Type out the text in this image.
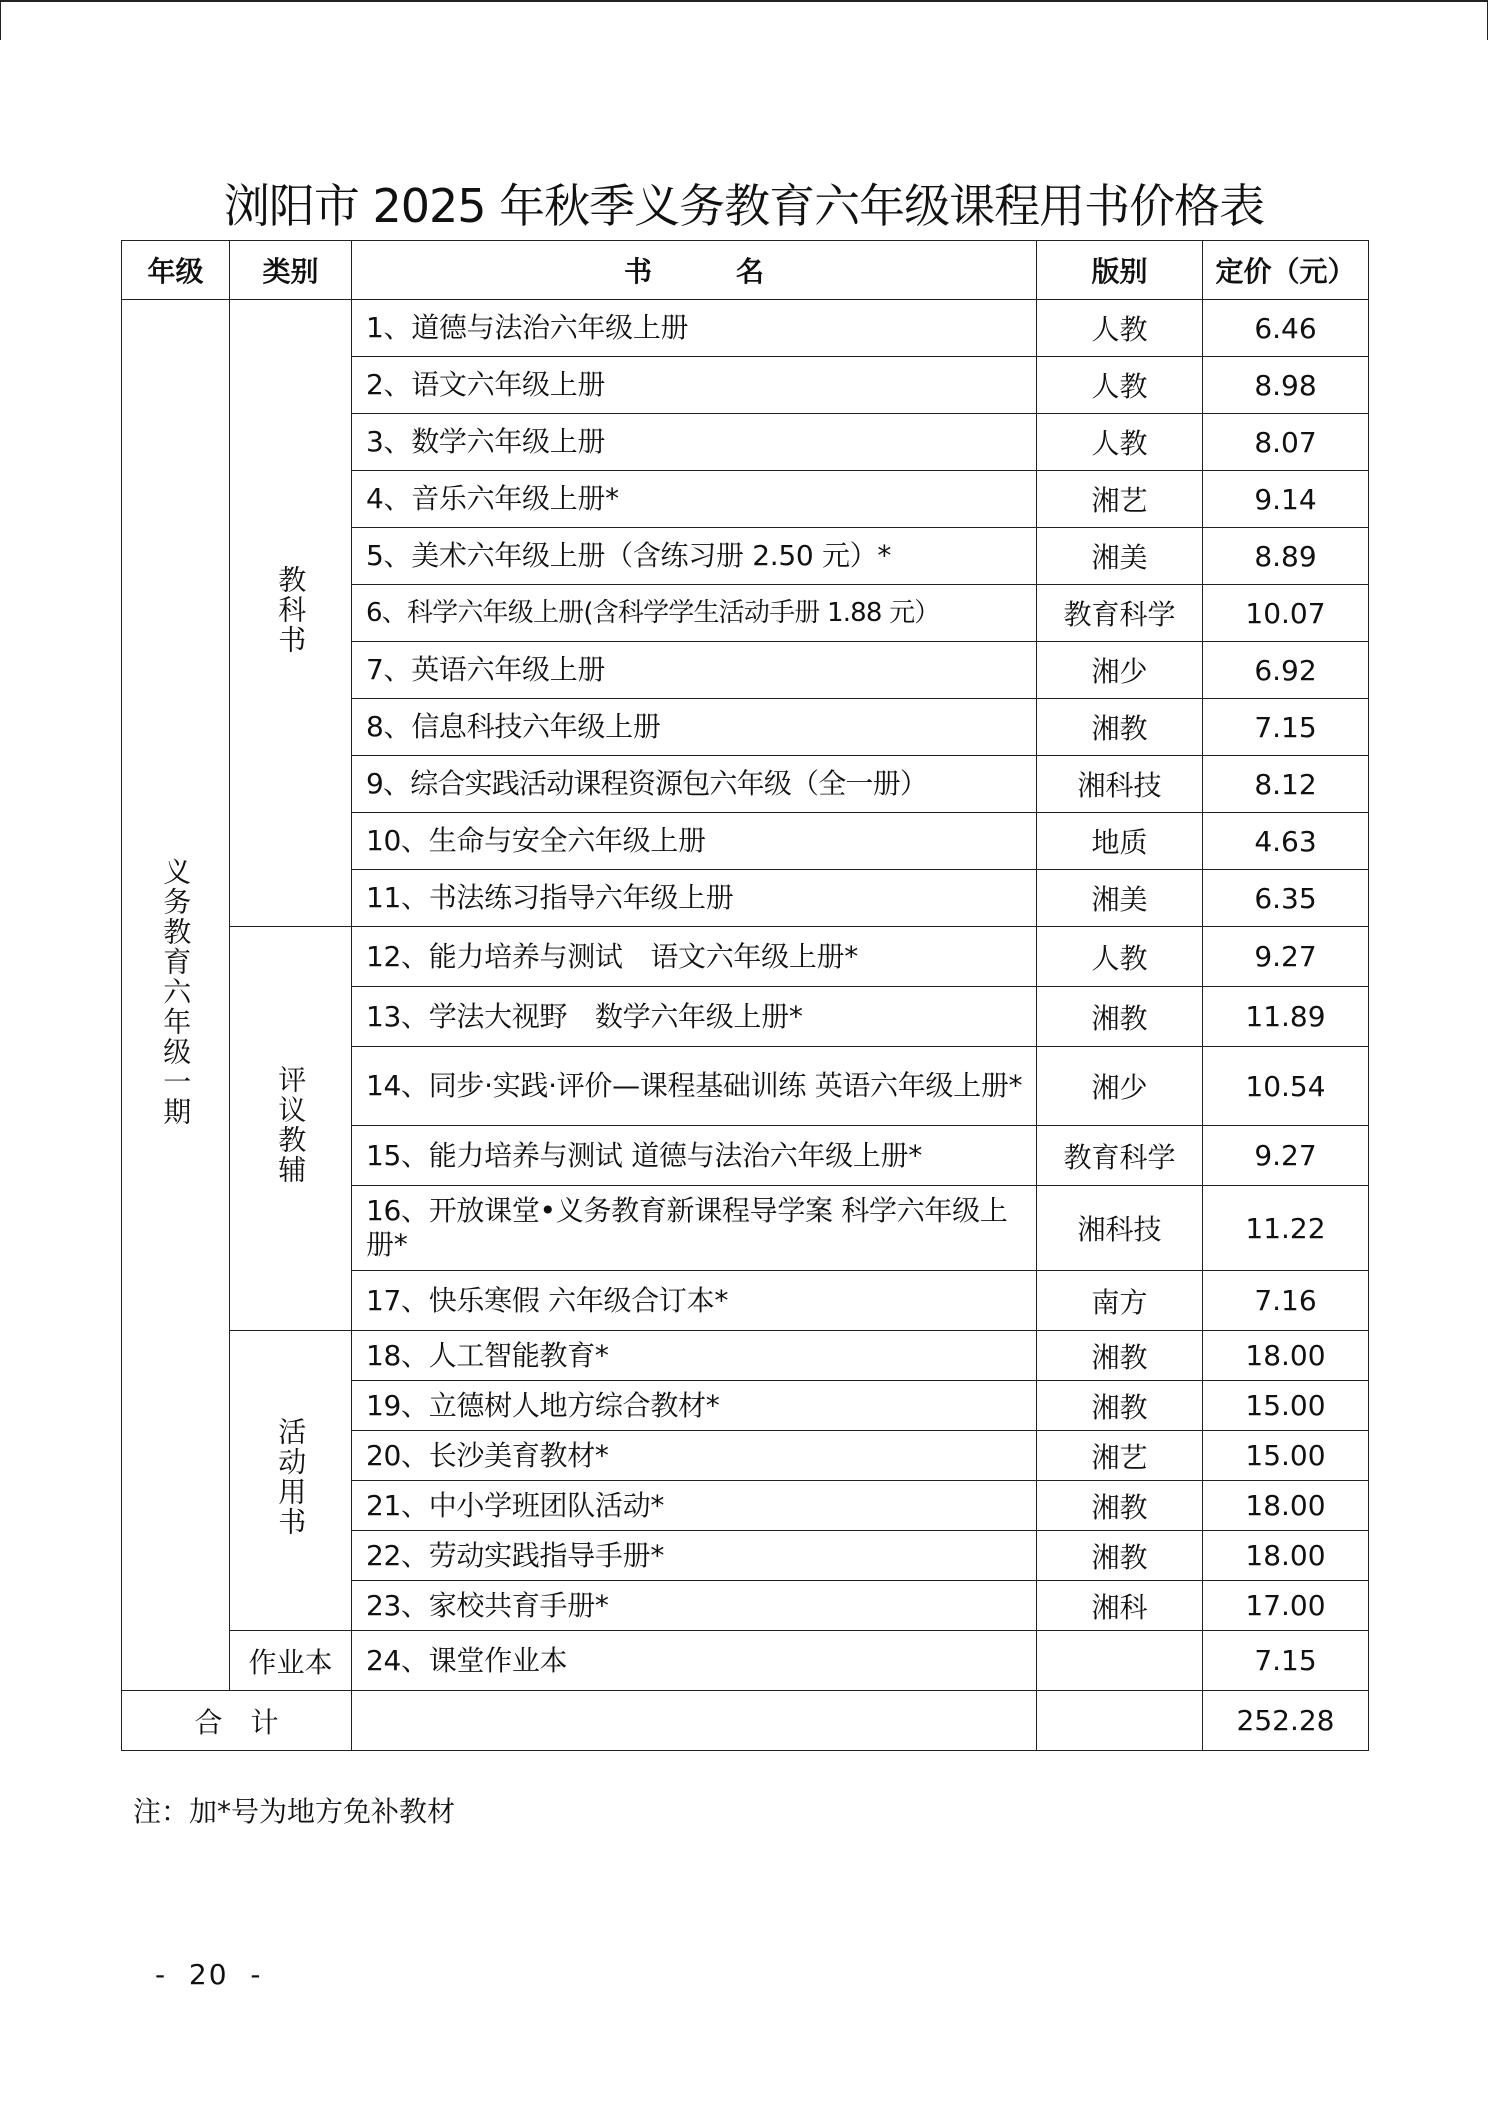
浏阳市 2025 年秋季义务教育六年级课程用书价格表
年级	类别	书　　　名	版别	定价（元）
义务教育六年级一期	教科书	1、道德与法治六年级上册	人教	6.46
		2、语文六年级上册	人教	8.98
		3、数学六年级上册	人教	8.07
		4、音乐六年级上册*	湘艺	9.14
		5、美术六年级上册（含练习册 2.50 元）*	湘美	8.89
		6、科学六年级上册(含科学学生活动手册 1.88 元）	教育科学	10.07
		7、英语六年级上册	湘少	6.92
		8、信息科技六年级上册	湘教	7.15
		9、综合实践活动课程资源包六年级（全一册）	湘科技	8.12
		10、生命与安全六年级上册	地质	4.63
		11、书法练习指导六年级上册	湘美	6.35
	评议教辅	12、能力培养与测试　语文六年级上册*	人教	9.27
		13、学法大视野　数学六年级上册*	湘教	11.89
		14、同步·实践·评价—课程基础训练 英语六年级上册*	湘少	10.54
		15、能力培养与测试 道德与法治六年级上册*	教育科学	9.27
		16、开放课堂•义务教育新课程导学案 科学六年级上册*	湘科技	11.22
		17、快乐寒假 六年级合订本*	南方	7.16
	活动用书	18、人工智能教育*	湘教	18.00
		19、立德树人地方综合教材*	湘教	15.00
		20、长沙美育教材*	湘艺	15.00
		21、中小学班团队活动*	湘教	18.00
		22、劳动实践指导手册*	湘教	18.00
		23、家校共育手册*	湘科	17.00
	作业本	24、课堂作业本		7.15
合　计				252.28
注：加*号为地方免补教材
-  20  -
